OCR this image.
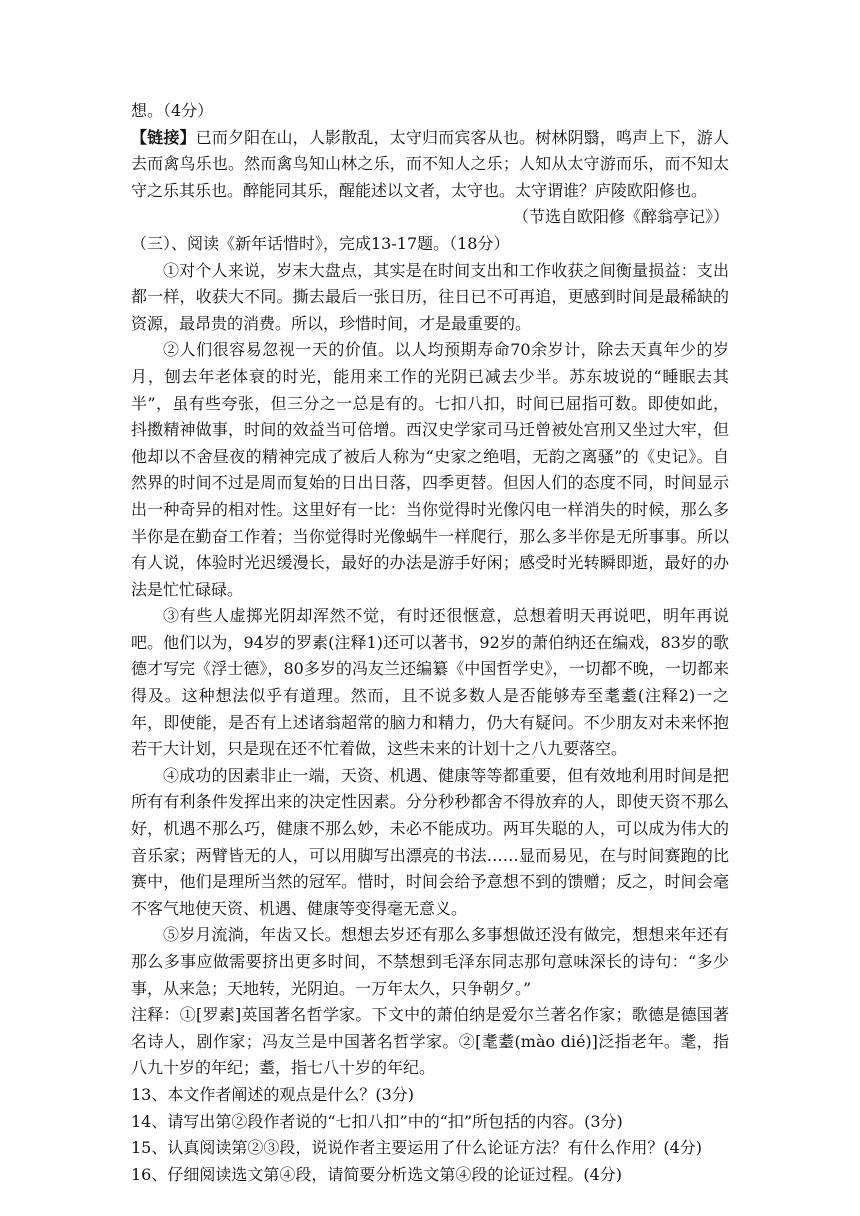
想。（4分）

【链接】已而夕阳在山，人影散乱，太守归而宾客从也。树林阴翳，鸣声上下，游人去而禽鸟乐也。然而禽鸟知山林之乐，而不知人之乐；人知从太守游而乐，而不知太守之乐其乐也。醉能同其乐，醒能述以文者，太守也。太守谓谁？庐陵欧阳修也。

（节选自欧阳修《醉翁亭记》）

（三）、阅读《新年话惜时》，完成13-17题。（18分）

①对个人来说，岁末大盘点，其实是在时间支出和工作收获之间衡量损益：支出都一样，收获大不同。撕去最后一张日历，往日已不可再追，更感到时间是最稀缺的资源，最昂贵的消费。所以，珍惜时间，才是最重要的。

②人们很容易忽视一天的价值。以人均预期寿命70余岁计，除去天真年少的岁月，刨去年老体衰的时光，能用来工作的光阴已减去少半。苏东坡说的“睡眠去其半”，虽有些夸张，但三分之一总是有的。七扣八扣，时间已屈指可数。即使如此，抖擞精神做事，时间的效益当可倍增。西汉史学家司马迁曾被处宫刑又坐过大牢，但他却以不舍昼夜的精神完成了被后人称为“史家之绝唱，无韵之离骚”的《史记》。自然界的时间不过是周而复始的日出日落，四季更替。但因人们的态度不同，时间显示出一种奇异的相对性。这里好有一比：当你觉得时光像闪电一样消失的时候，那么多半你是在勤奋工作着；当你觉得时光像蜗牛一样爬行，那么多半你是无所事事。所以有人说，体验时光迟缓漫长，最好的办法是游手好闲；感受时光转瞬即逝，最好的办法是忙忙碌碌。

③有些人虚掷光阴却浑然不觉，有时还很惬意，总想着明天再说吧，明年再说吧。他们以为，94岁的罗素(注释1)还可以著书，92岁的萧伯纳还在编戏，83岁的歌德才写完《浮士德》，80多岁的冯友兰还编纂《中国哲学史》，一切都不晚，一切都来得及。这种想法似乎有道理。然而，且不说多数人是否能够寿至耄耋(注释2)一之年，即使能，是否有上述诸翁超常的脑力和精力，仍大有疑问。不少朋友对未来怀抱若干大计划，只是现在还不忙着做，这些未来的计划十之八九要落空。

④成功的因素非止一端，天资、机遇、健康等等都重要，但有效地利用时间是把所有有利条件发挥出来的决定性因素。分分秒秒都舍不得放弃的人，即使天资不那么好，机遇不那么巧，健康不那么妙，未必不能成功。两耳失聪的人，可以成为伟大的音乐家；两臂皆无的人，可以用脚写出漂亮的书法……显而易见，在与时间赛跑的比赛中，他们是理所当然的冠军。惜时，时间会给予意想不到的馈赠；反之，时间会毫不客气地使天资、机遇、健康等变得毫无意义。

⑤岁月流淌，年齿又长。想想去岁还有那么多事想做还没有做完，想想来年还有那么多事应做需要挤出更多时间，不禁想到毛泽东同志那句意味深长的诗句：“多少事，从来急；天地转，光阴迫。一万年太久，只争朝夕。”

注释：①[罗素]英国著名哲学家。下文中的萧伯纳是爱尔兰著名作家；歌德是德国著名诗人，剧作家；冯友兰是中国著名哲学家。②[耄耋(mào dié)]泛指老年。耄，指八九十岁的年纪；耋，指七八十岁的年纪。

13、本文作者阐述的观点是什么？(3分)

14、请写出第②段作者说的“七扣八扣”中的“扣”所包括的内容。(3分)

15、认真阅读第②③段，说说作者主要运用了什么论证方法？有什么作用？(4分)

16、仔细阅读选文第④段，请简要分析选文第④段的论证过程。(4分)
